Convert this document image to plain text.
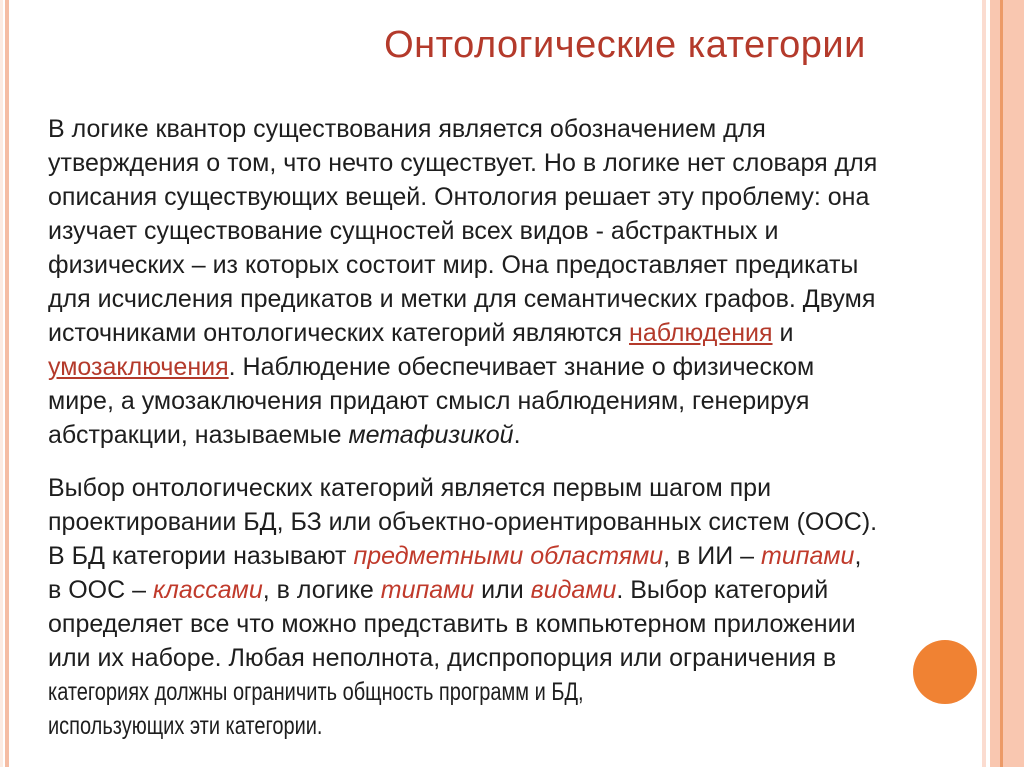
Онтологические категории
В логике квантор существования является обозначением для
утверждения о том, что нечто существует. Но в логике нет словаря для
описания существующих вещей. Онтология решает эту проблему: она
изучает существование сущностей всех видов - абстрактных и
физических – из которых состоит мир. Она предоставляет предикаты
для исчисления предикатов и метки для семантических графов. Двумя
источниками онтологических категорий являются наблюдения и
умозаключения. Наблюдение обеспечивает знание о физическом
мире, а умозаключения придают смысл наблюдениям, генерируя
абстракции, называемые метафизикой.
Выбор онтологических категорий является первым шагом при
проектировании БД, БЗ или объектно-ориентированных систем (ООС).
В БД категории называют предметными областями, в ИИ – типами,
в ООС – классами, в логике типами или видами. Выбор категорий
определяет все что можно представить в компьютерном приложении
или их наборе. Любая неполнота, диспропорция или ограничения в
категориях должны ограничить общность программ и БД,
использующих эти категории.
